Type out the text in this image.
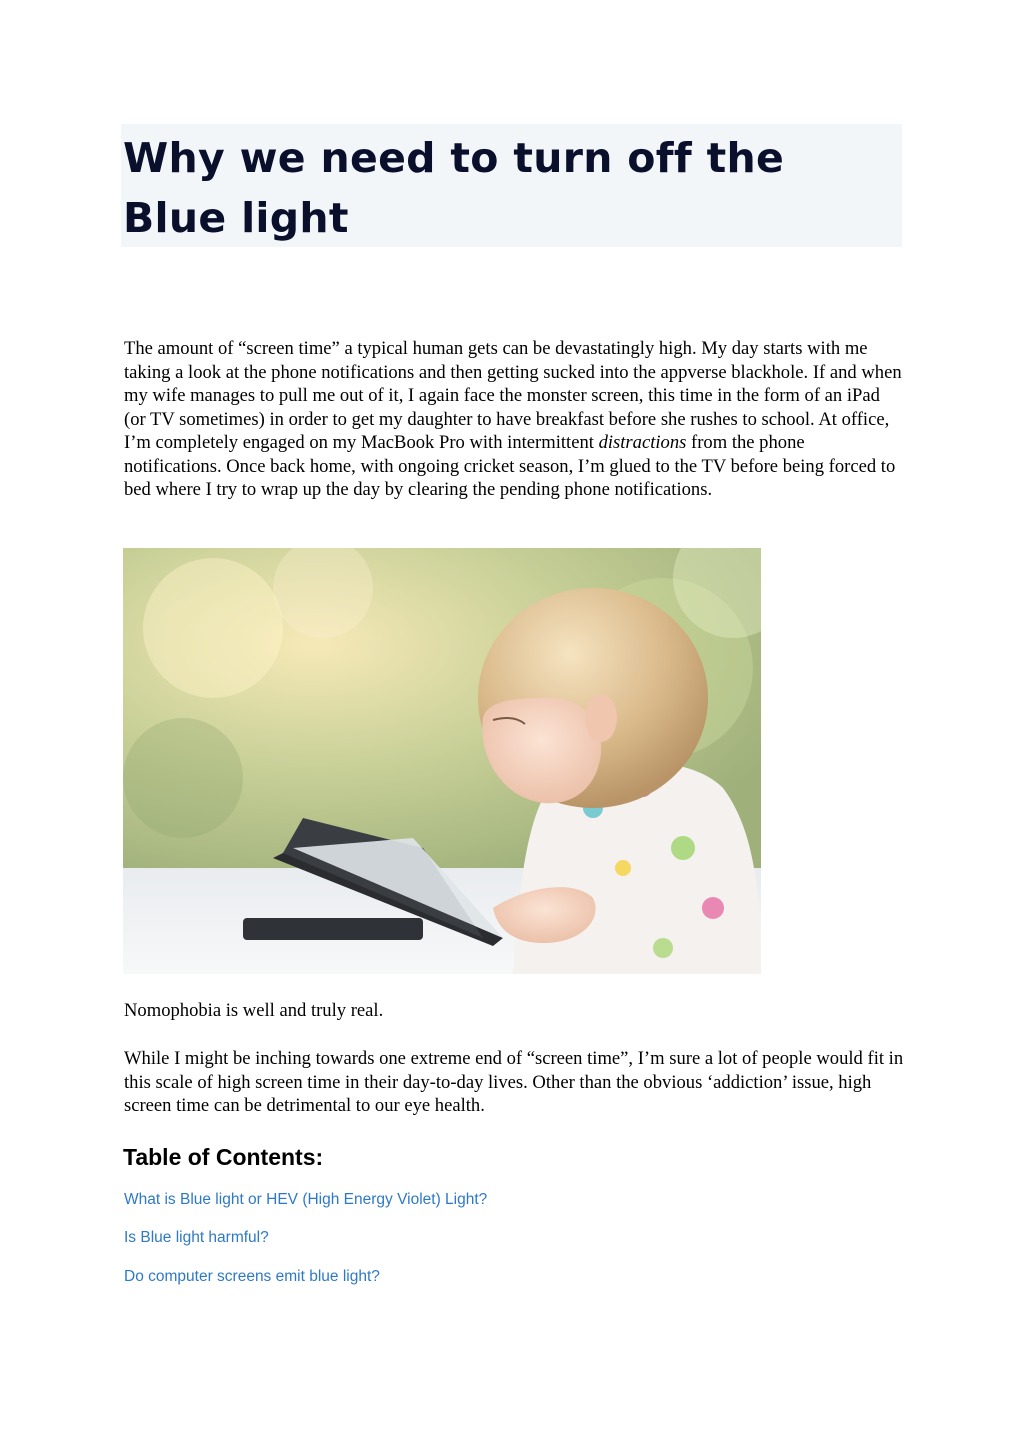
Why we need to turn off the Blue light

The amount of “screen time” a typical human gets can be devastatingly high. My day starts with me taking a look at the phone notifications and then getting sucked into the appverse blackhole. If and when my wife manages to pull me out of it, I again face the monster screen, this time in the form of an iPad (or TV sometimes) in order to get my daughter to have breakfast before she rushes to school. At office, I’m completely engaged on my MacBook Pro with intermittent distractions from the phone notifications. Once back home, with ongoing cricket season, I’m glued to the TV before being forced to bed where I try to wrap up the day by clearing the pending phone notifications.

Nomophobia is well and truly real.

While I might be inching towards one extreme end of “screen time”, I’m sure a lot of people would fit in this scale of high screen time in their day-to-day lives. Other than the obvious ‘addiction’ issue, high screen time can be detrimental to our eye health.

Table of Contents:
What is Blue light or HEV (High Energy Violet) Light?
Is Blue light harmful?
Do computer screens emit blue light?
